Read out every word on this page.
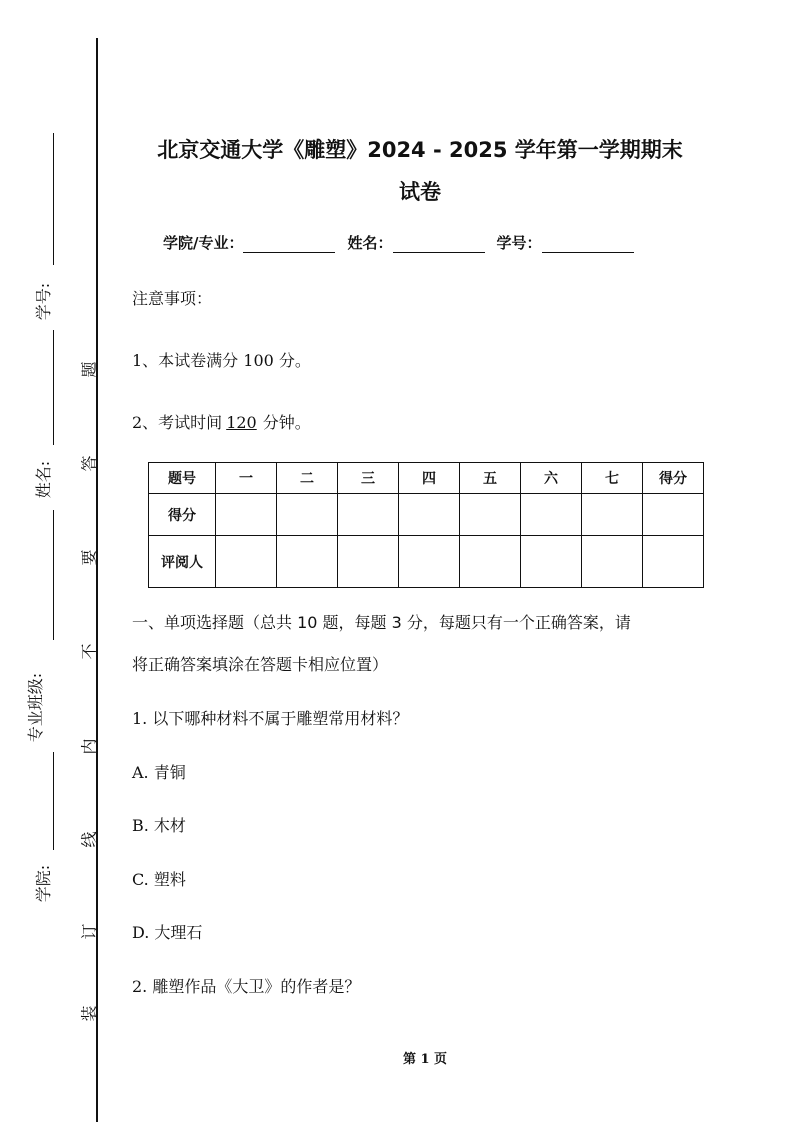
学号:
姓名:
专业班级:
学院:
题
答
要
不
内
线
订
装
北京交通大学《雕塑》2024 - 2025 学年第一学期期末
试卷
学院/专业：	姓名：	学号：
注意事项：
1、本试卷满分 100 分。
2、考试时间 120 分钟。
题号	一	二	三	四	五	六	七	得分
得分								
评阅人								
一、单项选择题（总共 10 题，每题 3 分，每题只有一个正确答案，请
将正确答案填涂在答题卡相应位置）
1. 以下哪种材料不属于雕塑常用材料？
A. 青铜
B. 木材
C. 塑料
D. 大理石
2. 雕塑作品《大卫》的作者是？
第 1 页
